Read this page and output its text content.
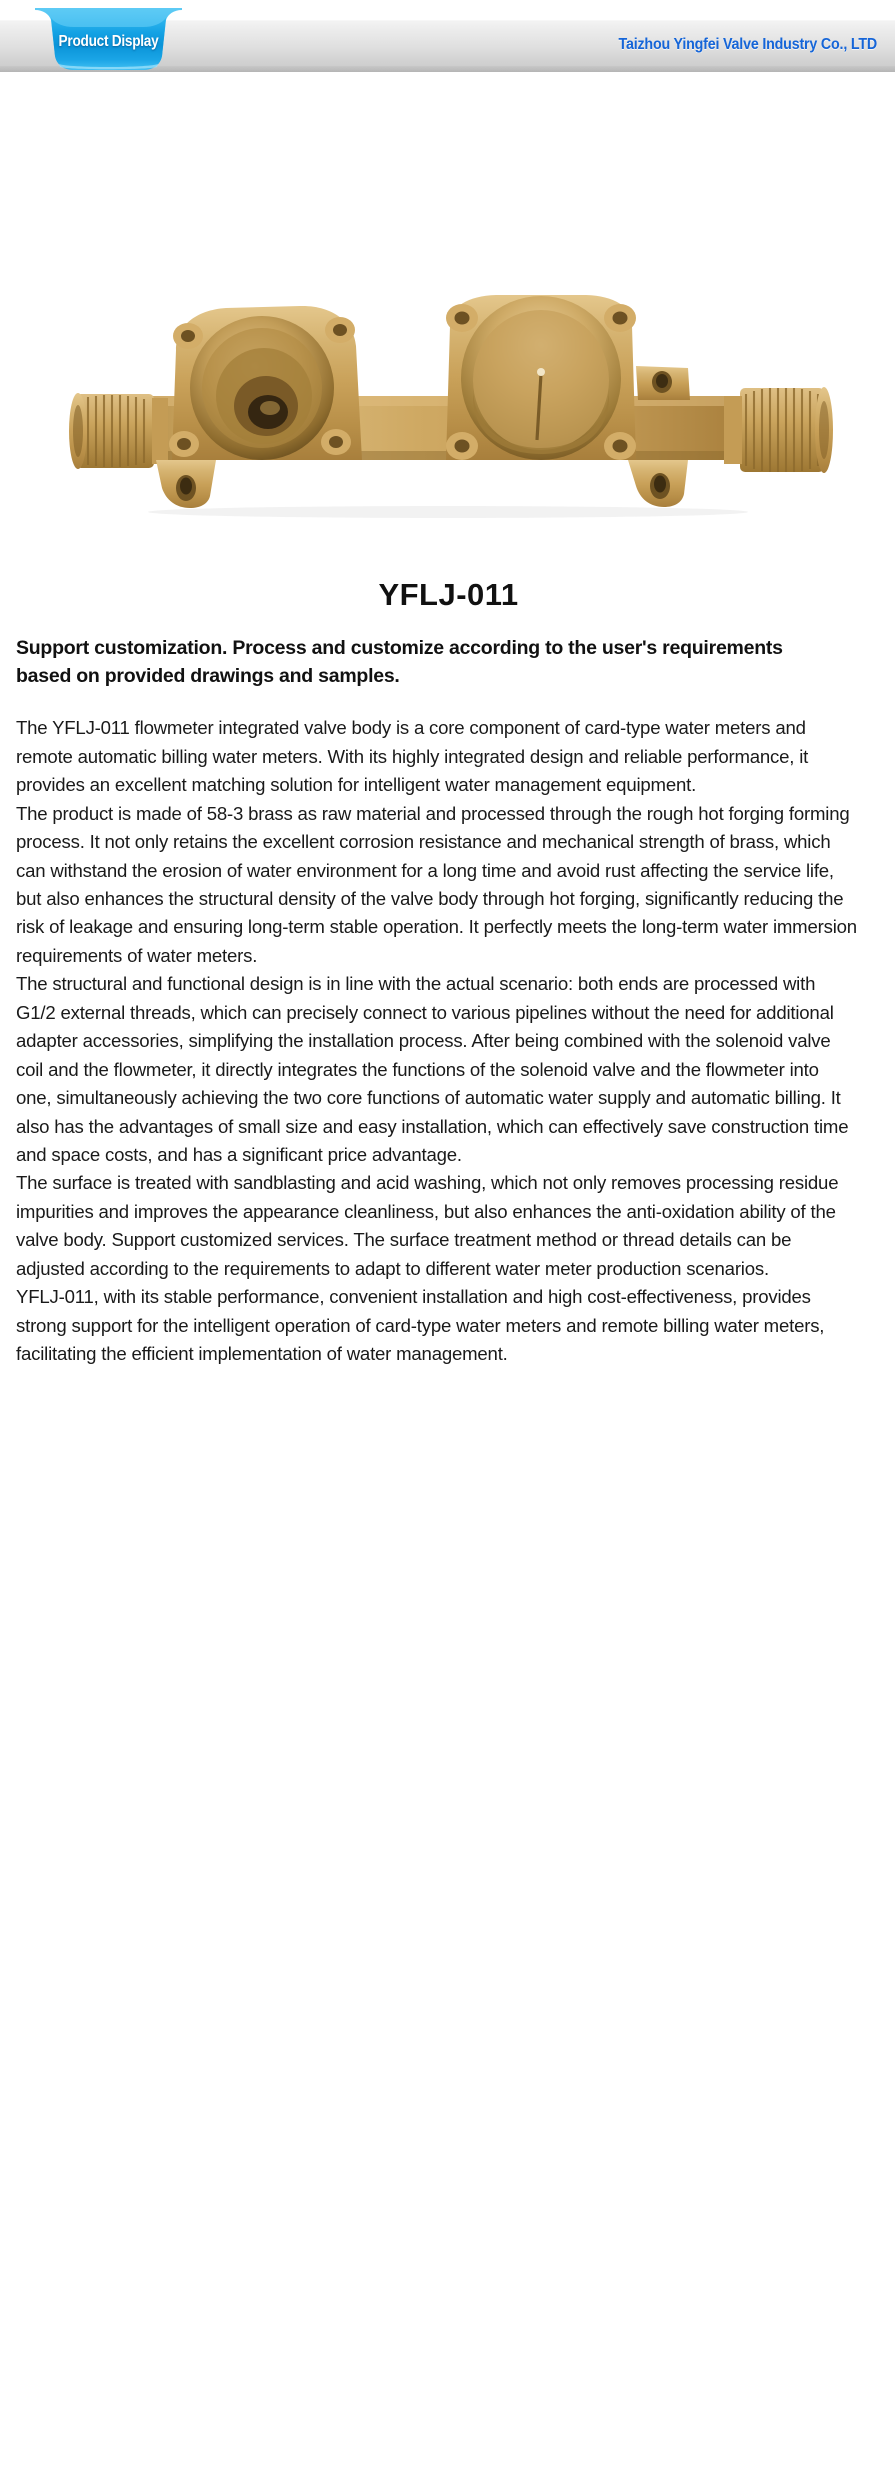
Product Display	Taizhou Yingfei Valve Industry Co., LTD
YFLJ-011

Support customization. Process and customize according to the user's requirements based on provided drawings and samples.

The YFLJ-011 flowmeter integrated valve body is a core component of card-type water meters and remote automatic billing water meters. With its highly integrated design and reliable performance, it provides an excellent matching solution for intelligent water management equipment.

The product is made of 58-3 brass as raw material and processed through the rough hot forging forming process. It not only retains the excellent corrosion resistance and mechanical strength of brass, which can withstand the erosion of water environment for a long time and avoid rust affecting the service life, but also enhances the structural density of the valve body through hot forging, significantly reducing the risk of leakage and ensuring long-term stable operation. It perfectly meets the long-term water immersion requirements of water meters.

The structural and functional design is in line with the actual scenario: both ends are processed with G1/2 external threads, which can precisely connect to various pipelines without the need for additional adapter accessories, simplifying the installation process. After being combined with the solenoid valve coil and the flowmeter, it directly integrates the functions of the solenoid valve and the flowmeter into one, simultaneously achieving the two core functions of automatic water supply and automatic billing. It also has the advantages of small size and easy installation, which can effectively save construction time and space costs, and has a significant price advantage.

The surface is treated with sandblasting and acid washing, which not only removes processing residue impurities and improves the appearance cleanliness, but also enhances the anti-oxidation ability of the valve body. Support customized services. The surface treatment method or thread details can be adjusted according to the requirements to adapt to different water meter production scenarios.

YFLJ-011, with its stable performance, convenient installation and high cost-effectiveness, provides strong support for the intelligent operation of card-type water meters and remote billing water meters, facilitating the efficient implementation of water management.
